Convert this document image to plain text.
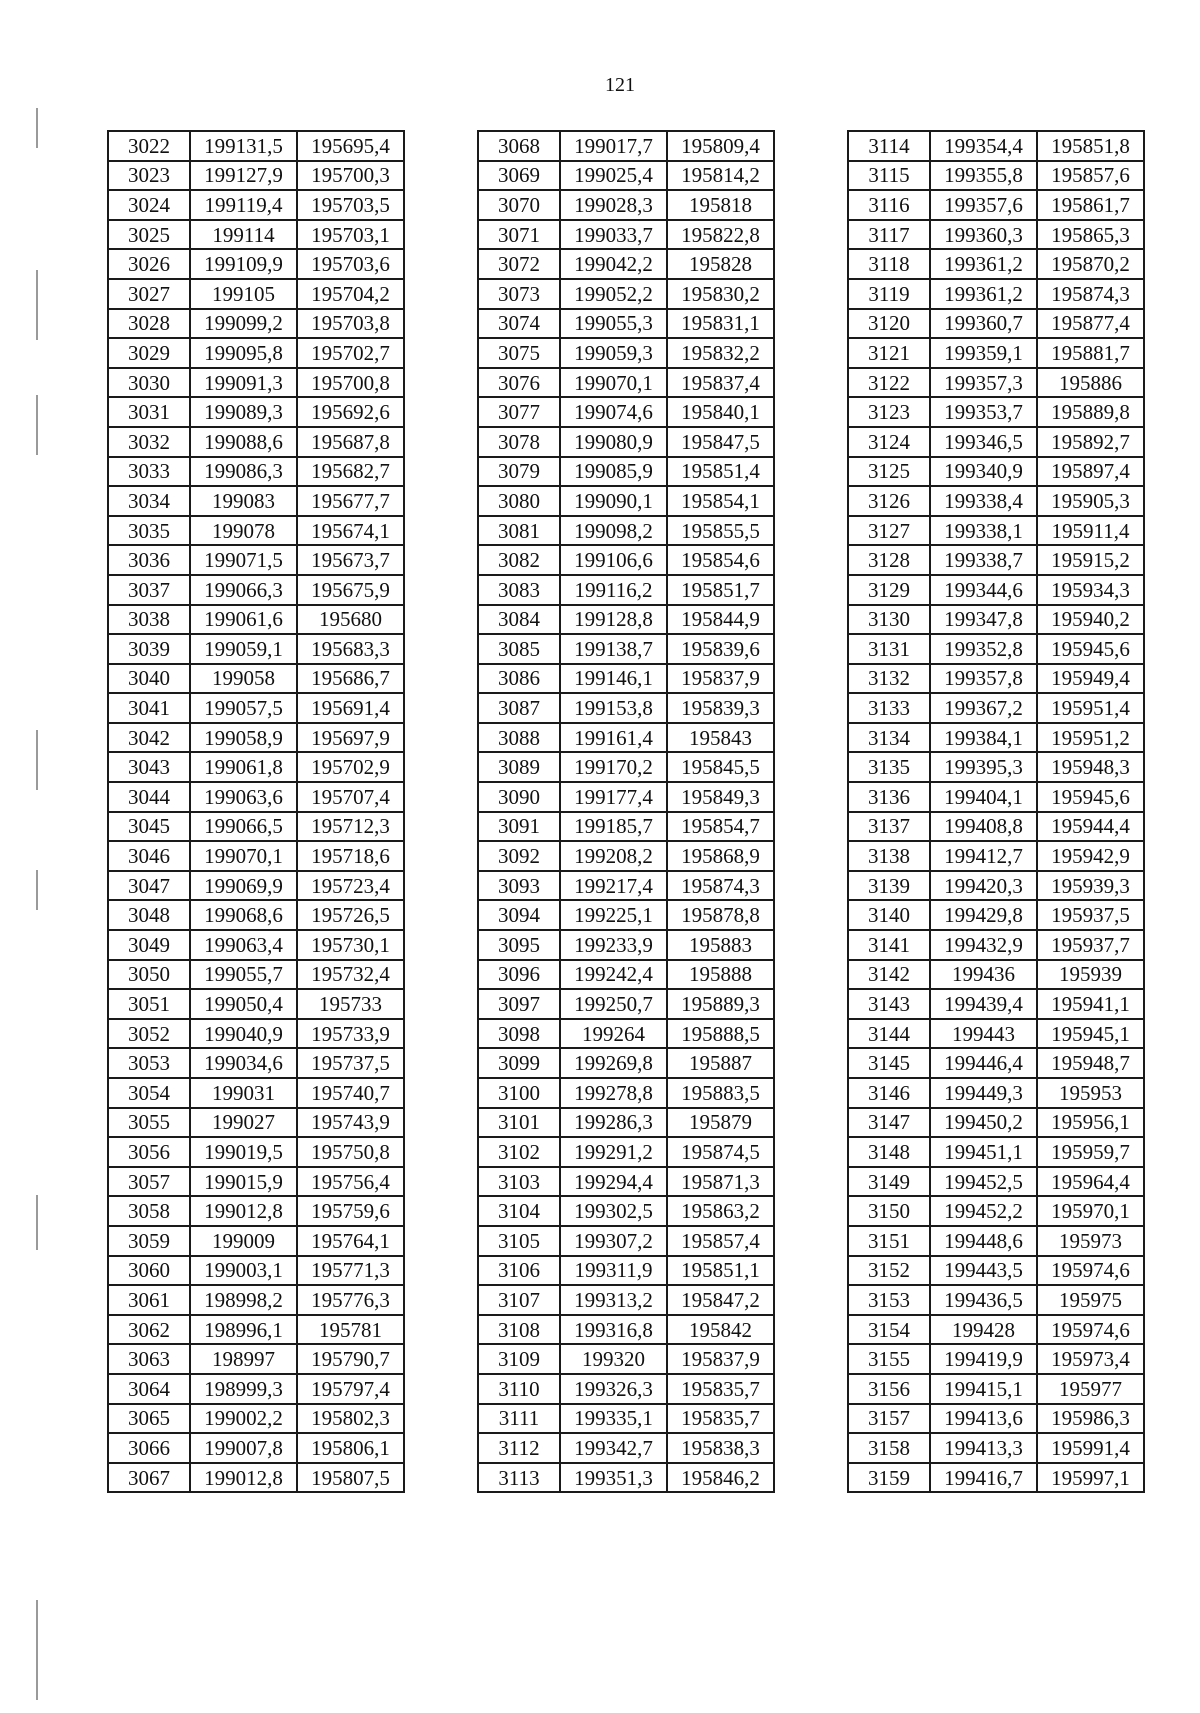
121
3022	199131,5	195695,4
3023	199127,9	195700,3
3024	199119,4	195703,5
3025	199114	195703,1
3026	199109,9	195703,6
3027	199105	195704,2
3028	199099,2	195703,8
3029	199095,8	195702,7
3030	199091,3	195700,8
3031	199089,3	195692,6
3032	199088,6	195687,8
3033	199086,3	195682,7
3034	199083	195677,7
3035	199078	195674,1
3036	199071,5	195673,7
3037	199066,3	195675,9
3038	199061,6	195680
3039	199059,1	195683,3
3040	199058	195686,7
3041	199057,5	195691,4
3042	199058,9	195697,9
3043	199061,8	195702,9
3044	199063,6	195707,4
3045	199066,5	195712,3
3046	199070,1	195718,6
3047	199069,9	195723,4
3048	199068,6	195726,5
3049	199063,4	195730,1
3050	199055,7	195732,4
3051	199050,4	195733
3052	199040,9	195733,9
3053	199034,6	195737,5
3054	199031	195740,7
3055	199027	195743,9
3056	199019,5	195750,8
3057	199015,9	195756,4
3058	199012,8	195759,6
3059	199009	195764,1
3060	199003,1	195771,3
3061	198998,2	195776,3
3062	198996,1	195781
3063	198997	195790,7
3064	198999,3	195797,4
3065	199002,2	195802,3
3066	199007,8	195806,1
3067	199012,8	195807,5
3068	199017,7	195809,4
3069	199025,4	195814,2
3070	199028,3	195818
3071	199033,7	195822,8
3072	199042,2	195828
3073	199052,2	195830,2
3074	199055,3	195831,1
3075	199059,3	195832,2
3076	199070,1	195837,4
3077	199074,6	195840,1
3078	199080,9	195847,5
3079	199085,9	195851,4
3080	199090,1	195854,1
3081	199098,2	195855,5
3082	199106,6	195854,6
3083	199116,2	195851,7
3084	199128,8	195844,9
3085	199138,7	195839,6
3086	199146,1	195837,9
3087	199153,8	195839,3
3088	199161,4	195843
3089	199170,2	195845,5
3090	199177,4	195849,3
3091	199185,7	195854,7
3092	199208,2	195868,9
3093	199217,4	195874,3
3094	199225,1	195878,8
3095	199233,9	195883
3096	199242,4	195888
3097	199250,7	195889,3
3098	199264	195888,5
3099	199269,8	195887
3100	199278,8	195883,5
3101	199286,3	195879
3102	199291,2	195874,5
3103	199294,4	195871,3
3104	199302,5	195863,2
3105	199307,2	195857,4
3106	199311,9	195851,1
3107	199313,2	195847,2
3108	199316,8	195842
3109	199320	195837,9
3110	199326,3	195835,7
3111	199335,1	195835,7
3112	199342,7	195838,3
3113	199351,3	195846,2
3114	199354,4	195851,8
3115	199355,8	195857,6
3116	199357,6	195861,7
3117	199360,3	195865,3
3118	199361,2	195870,2
3119	199361,2	195874,3
3120	199360,7	195877,4
3121	199359,1	195881,7
3122	199357,3	195886
3123	199353,7	195889,8
3124	199346,5	195892,7
3125	199340,9	195897,4
3126	199338,4	195905,3
3127	199338,1	195911,4
3128	199338,7	195915,2
3129	199344,6	195934,3
3130	199347,8	195940,2
3131	199352,8	195945,6
3132	199357,8	195949,4
3133	199367,2	195951,4
3134	199384,1	195951,2
3135	199395,3	195948,3
3136	199404,1	195945,6
3137	199408,8	195944,4
3138	199412,7	195942,9
3139	199420,3	195939,3
3140	199429,8	195937,5
3141	199432,9	195937,7
3142	199436	195939
3143	199439,4	195941,1
3144	199443	195945,1
3145	199446,4	195948,7
3146	199449,3	195953
3147	199450,2	195956,1
3148	199451,1	195959,7
3149	199452,5	195964,4
3150	199452,2	195970,1
3151	199448,6	195973
3152	199443,5	195974,6
3153	199436,5	195975
3154	199428	195974,6
3155	199419,9	195973,4
3156	199415,1	195977
3157	199413,6	195986,3
3158	199413,3	195991,4
3159	199416,7	195997,1
